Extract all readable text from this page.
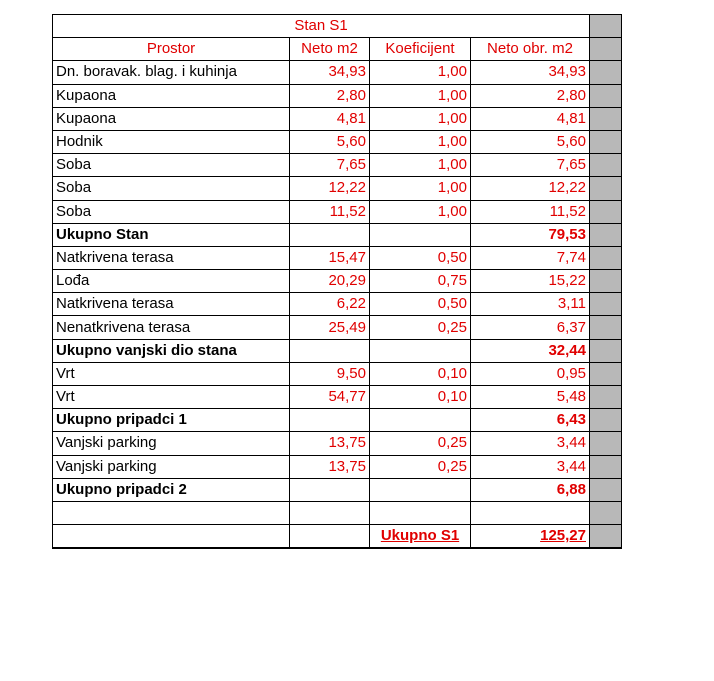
Stan S1				
Prostor	Neto m2	Koeficijent	Neto obr. m2	
Dn. boravak. blag. i kuhinja	34,93	1,00	34,93	
Kupaona	2,80	1,00	2,80	
Kupaona	4,81	1,00	4,81	
Hodnik	5,60	1,00	5,60	
Soba	7,65	1,00	7,65	
Soba	12,22	1,00	12,22	
Soba	11,52	1,00	11,52	
Ukupno Stan			79,53	
Natkrivena terasa	15,47	0,50	7,74	
Lođa	20,29	0,75	15,22	
Natkrivena terasa	6,22	0,50	3,11	
Nenatkrivena terasa	25,49	0,25	6,37	
Ukupno vanjski dio stana			32,44	
Vrt	9,50	0,10	0,95	
Vrt	54,77	0,10	5,48	
Ukupno pripadci 1			6,43	
Vanjski parking	13,75	0,25	3,44	
Vanjski parking	13,75	0,25	3,44	
Ukupno pripadci 2			6,88	

		Ukupno S1	125,27	
